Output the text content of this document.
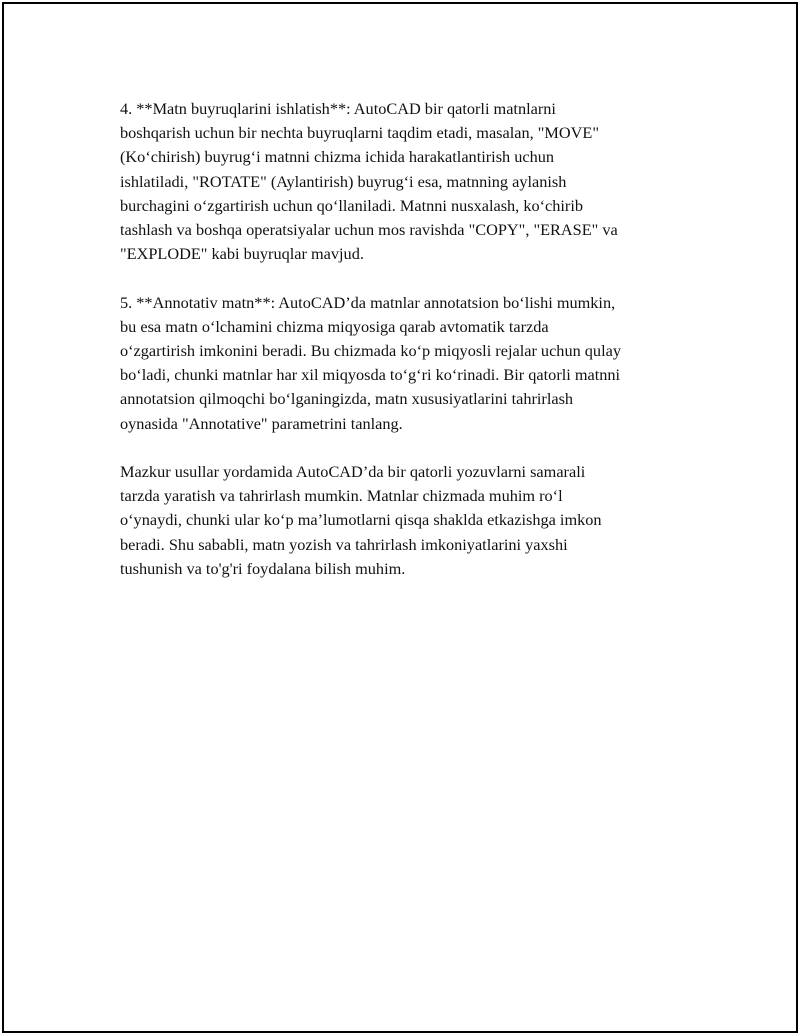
4. **Matn buyruqlarini ishlatish**: AutoCAD bir qatorli matnlarni
boshqarish uchun bir nechta buyruqlarni taqdim etadi, masalan, "MOVE"
(Ko‘chirish) buyrug‘i matnni chizma ichida harakatlantirish uchun
ishlatiladi, "ROTATE" (Aylantirish) buyrug‘i esa, matnning aylanish
burchagini o‘zgartirish uchun qo‘llaniladi. Matnni nusxalash, ko‘chirib
tashlash va boshqa operatsiyalar uchun mos ravishda "COPY", "ERASE" va
"EXPLODE" kabi buyruqlar mavjud.

5. **Annotativ matn**: AutoCAD’da matnlar annotatsion bo‘lishi mumkin,
bu esa matn o‘lchamini chizma miqyosiga qarab avtomatik tarzda
o‘zgartirish imkonini beradi. Bu chizmada ko‘p miqyosli rejalar uchun qulay
bo‘ladi, chunki matnlar har xil miqyosda to‘g‘ri ko‘rinadi. Bir qatorli matnni
annotatsion qilmoqchi bo‘lganingizda, matn xususiyatlarini tahrirlash
oynasida "Annotative" parametrini tanlang.

Mazkur usullar yordamida AutoCAD’da bir qatorli yozuvlarni samarali
tarzda yaratish va tahrirlash mumkin. Matnlar chizmada muhim ro‘l
o‘ynaydi, chunki ular ko‘p ma’lumotlarni qisqa shaklda etkazishga imkon
beradi. Shu sababli, matn yozish va tahrirlash imkoniyatlarini yaxshi
tushunish va to'g'ri foydalana bilish muhim.
